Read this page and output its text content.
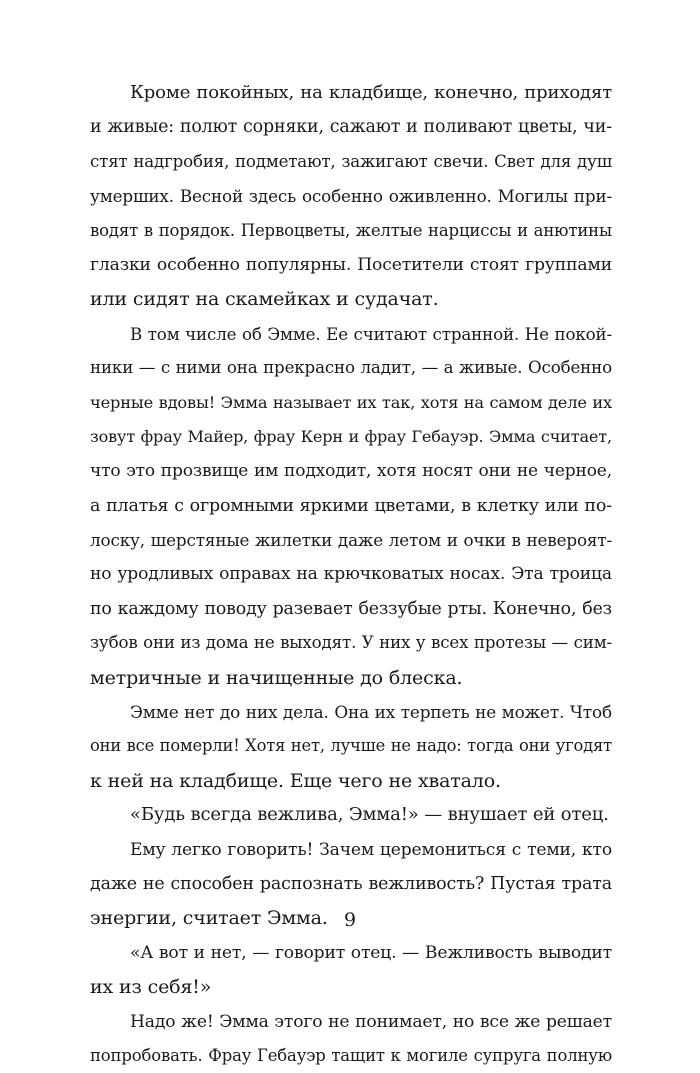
Кроме покойных, на кладбище, конечно, приходят
и живые: полют сорняки, сажают и поливают цветы, чи-
стят надгробия, подметают, зажигают свечи. Свет для душ
умерших. Весной здесь особенно оживленно. Могилы при-
водят в порядок. Первоцветы, желтые нарциссы и анютины
глазки особенно популярны. Посетители стоят группами
или сидят на скамейках и судачат.
В том числе об Эмме. Ее считают странной. Не покой-
ники — с ними она прекрасно ладит, — а живые. Особенно
черные вдовы! Эмма называет их так, хотя на самом деле их
зовут фрау Майер, фрау Керн и фрау Гебауэр. Эмма считает,
что это прозвище им подходит, хотя носят они не черное,
а платья с огромными яркими цветами, в клетку или по-
лоску, шерстяные жилетки даже летом и очки в невероят-
но уродливых оправах на крючковатых носах. Эта троица
по каждому поводу разевает беззубые рты. Конечно, без
зубов они из дома не выходят. У них у всех протезы — сим-
метричные и начищенные до блеска.
Эмме нет до них дела. Она их терпеть не может. Чтоб
они все померли! Хотя нет, лучше не надо: тогда они угодят
к ней на кладбище. Еще чего не хватало.
«Будь всегда вежлива, Эмма!» — внушает ей отец.
Ему легко говорить! Зачем церемониться с теми, кто
даже не способен распознать вежливость? Пустая трата
энергии, считает Эмма.
«А вот и нет, — говорит отец. — Вежливость выводит
их из себя!»
Надо же! Эмма этого не понимает, но все же решает
попробовать. Фрау Гебауэр тащит к могиле супруга полную
9
